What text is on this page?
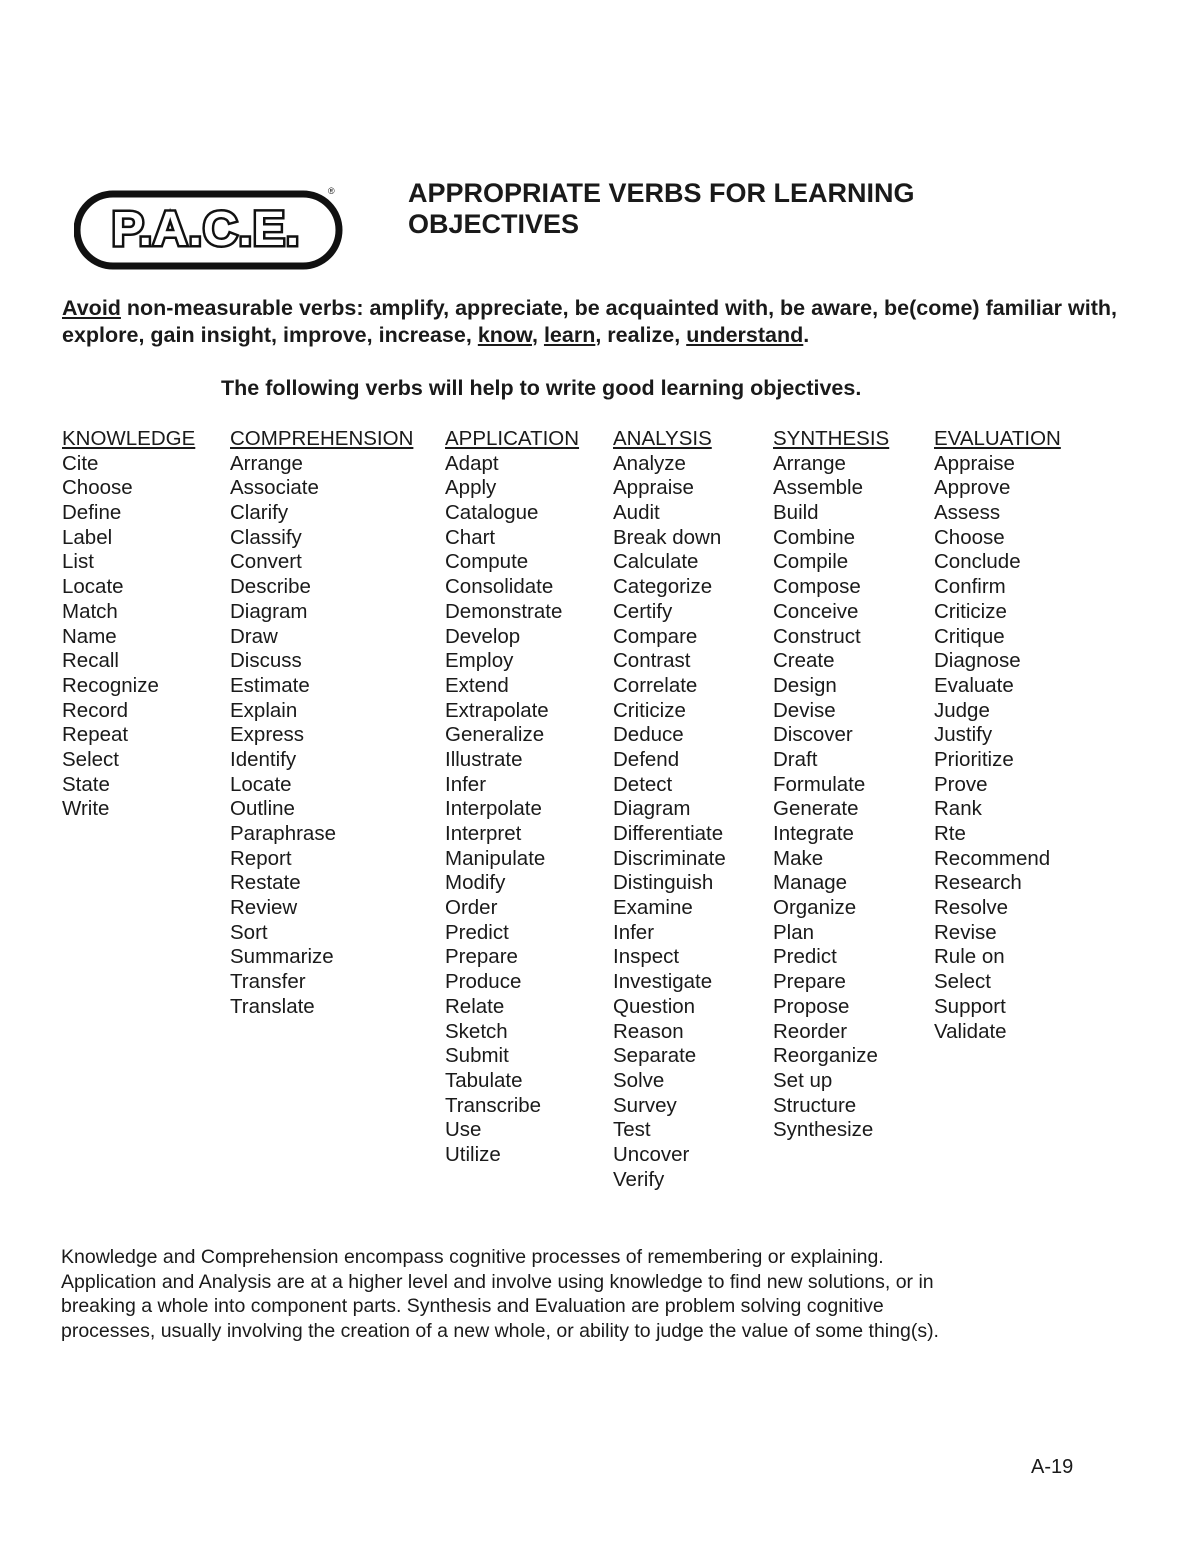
P.A.C.E.
®	APPROPRIATE VERBS FOR LEARNING OBJECTIVES
Avoid non-measurable verbs: amplify, appreciate, be acquainted with, be aware, be(come) familiar with, explore, gain insight, improve, increase, know, learn, realize, understand.
The following verbs will help to write good learning objectives.
KNOWLEDGE
Cite
Choose
Define
Label
List
Locate
Match
Name
Recall
Recognize
Record
Repeat
Select
State
Write
COMPREHENSION
Arrange
Associate
Clarify
Classify
Convert
Describe
Diagram
Draw
Discuss
Estimate
Explain
Express
Identify
Locate
Outline
Paraphrase
Report
Restate
Review
Sort
Summarize
Transfer
Translate
APPLICATION
Adapt
Apply
Catalogue
Chart
Compute
Consolidate
Demonstrate
Develop
Employ
Extend
Extrapolate
Generalize
Illustrate
Infer
Interpolate
Interpret
Manipulate
Modify
Order
Predict
Prepare
Produce
Relate
Sketch
Submit
Tabulate
Transcribe
Use
Utilize
ANALYSIS
Analyze
Appraise
Audit
Break down
Calculate
Categorize
Certify
Compare
Contrast
Correlate
Criticize
Deduce
Defend
Detect
Diagram
Differentiate
Discriminate
Distinguish
Examine
Infer
Inspect
Investigate
Question
Reason
Separate
Solve
Survey
Test
Uncover
Verify
SYNTHESIS
Arrange
Assemble
Build
Combine
Compile
Compose
Conceive
Construct
Create
Design
Devise
Discover
Draft
Formulate
Generate
Integrate
Make
Manage
Organize
Plan
Predict
Prepare
Propose
Reorder
Reorganize
Set up
Structure
Synthesize
EVALUATION
Appraise
Approve
Assess
Choose
Conclude
Confirm
Criticize
Critique
Diagnose
Evaluate
Judge
Justify
Prioritize
Prove
Rank
Rte
Recommend
Research
Resolve
Revise
Rule on
Select
Support
Validate
Knowledge and Comprehension encompass cognitive processes of remembering or explaining.
Application and Analysis are at a higher level and involve using knowledge to find new solutions, or in
breaking a whole into component parts. Synthesis and Evaluation are problem solving cognitive
processes, usually involving the creation of a new whole, or ability to judge the value of some thing(s).
A-19
